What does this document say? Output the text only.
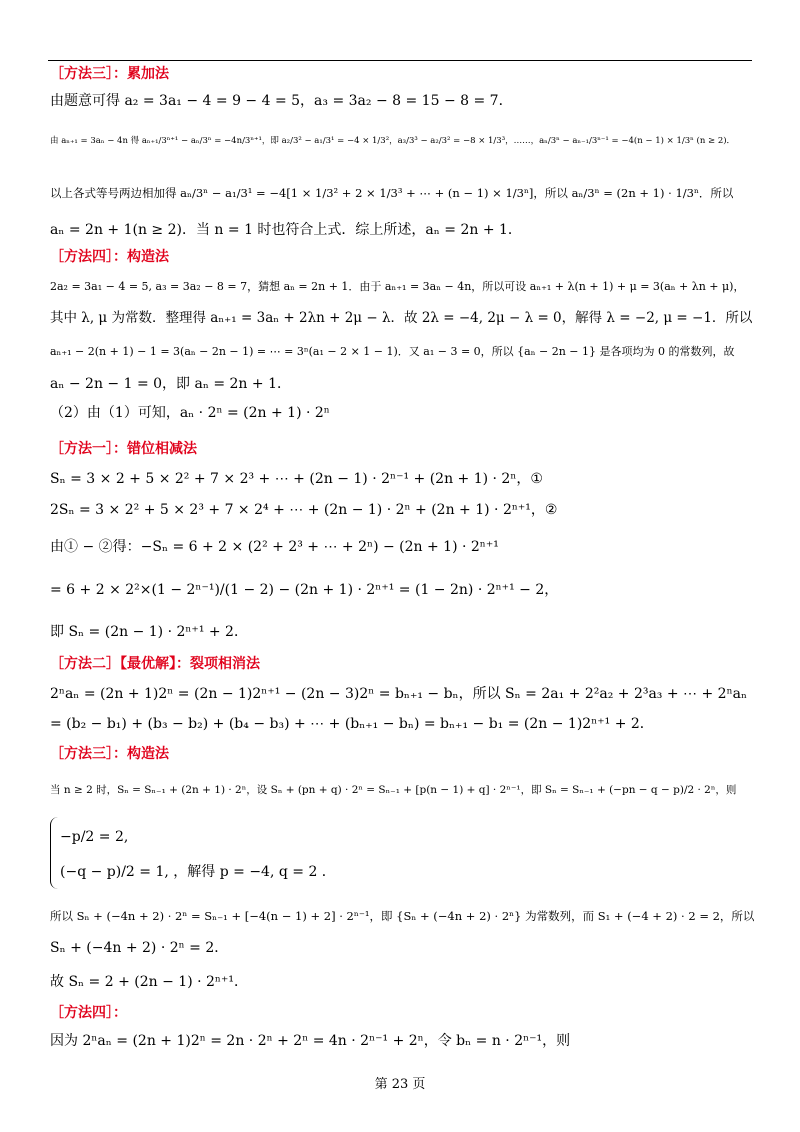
［方法三］：累加法
由题意可得 a₂ = 3a₁ − 4 = 9 − 4 = 5，a₃ = 3a₂ − 8 = 15 − 8 = 7．
由 aₙ₊₁ = 3aₙ − 4n 得 aₙ₊₁/3ⁿ⁺¹ − aₙ/3ⁿ = −4n/3ⁿ⁺¹，即 a₂/3² − a₁/3¹ = −4 × 1/3²，a₃/3³ − a₂/3² = −8 × 1/3³，……，aₙ/3ⁿ − aₙ₋₁/3ⁿ⁻¹ = −4(n − 1) × 1/3ⁿ (n ≥ 2)．
以上各式等号两边相加得 aₙ/3ⁿ − a₁/3¹ = −4[1 × 1/3² + 2 × 1/3³ + ⋯ + (n − 1) × 1/3ⁿ]，所以 aₙ/3ⁿ = (2n + 1) · 1/3ⁿ．所以
aₙ = 2n + 1(n ≥ 2)．当 n = 1 时也符合上式．综上所述，aₙ = 2n + 1．
［方法四］：构造法
2a₂ = 3a₁ − 4 = 5, a₃ = 3a₂ − 8 = 7，猜想 aₙ = 2n + 1．由于 aₙ₊₁ = 3aₙ − 4n，所以可设 aₙ₊₁ + λ(n + 1) + μ = 3(aₙ + λn + μ)，
其中 λ, μ 为常数．整理得 aₙ₊₁ = 3aₙ + 2λn + 2μ − λ．故 2λ = −4, 2μ − λ = 0，解得 λ = −2, μ = −1．所以
aₙ₊₁ − 2(n + 1) − 1 = 3(aₙ − 2n − 1) = ⋯ = 3ⁿ(a₁ − 2 × 1 − 1)．又 a₁ − 3 = 0，所以 {aₙ − 2n − 1} 是各项均为 0 的常数列，故
aₙ − 2n − 1 = 0，即 aₙ = 2n + 1．
（2）由（1）可知，aₙ · 2ⁿ = (2n + 1) · 2ⁿ
［方法一］：错位相减法
Sₙ = 3 × 2 + 5 × 2² + 7 × 2³ + ⋯ + (2n − 1) · 2ⁿ⁻¹ + (2n + 1) · 2ⁿ，①
2Sₙ = 3 × 2² + 5 × 2³ + 7 × 2⁴ + ⋯ + (2n − 1) · 2ⁿ + (2n + 1) · 2ⁿ⁺¹，②
由① − ②得：−Sₙ = 6 + 2 × (2² + 2³ + ⋯ + 2ⁿ) − (2n + 1) · 2ⁿ⁺¹
= 6 + 2 × 2²×(1 − 2ⁿ⁻¹)/(1 − 2) − (2n + 1) · 2ⁿ⁺¹ = (1 − 2n) · 2ⁿ⁺¹ − 2，
即 Sₙ = (2n − 1) · 2ⁿ⁺¹ + 2．
［方法二］【最优解】：裂项相消法
2ⁿaₙ = (2n + 1)2ⁿ = (2n − 1)2ⁿ⁺¹ − (2n − 3)2ⁿ = bₙ₊₁ − bₙ，所以 Sₙ = 2a₁ + 2²a₂ + 2³a₃ + ⋯ + 2ⁿaₙ
= (b₂ − b₁) + (b₃ − b₂) + (b₄ − b₃) + ⋯ + (bₙ₊₁ − bₙ) = bₙ₊₁ − b₁ = (2n − 1)2ⁿ⁺¹ + 2．
［方法三］：构造法
当 n ≥ 2 时，Sₙ = Sₙ₋₁ + (2n + 1) · 2ⁿ，设 Sₙ + (pn + q) · 2ⁿ = Sₙ₋₁ + [p(n − 1) + q] · 2ⁿ⁻¹，即 Sₙ = Sₙ₋₁ + (−pn − q − p)/2 · 2ⁿ，则
−p/2 = 2,
(−q − p)/2 = 1, ，解得 p = −4, q = 2 ．
所以 Sₙ + (−4n + 2) · 2ⁿ = Sₙ₋₁ + [−4(n − 1) + 2] · 2ⁿ⁻¹，即 {Sₙ + (−4n + 2) · 2ⁿ} 为常数列，而 S₁ + (−4 + 2) · 2 = 2，所以
Sₙ + (−4n + 2) · 2ⁿ = 2．
故 Sₙ = 2 + (2n − 1) · 2ⁿ⁺¹．
［方法四］：
因为 2ⁿaₙ = (2n + 1)2ⁿ = 2n · 2ⁿ + 2ⁿ = 4n · 2ⁿ⁻¹ + 2ⁿ，令 bₙ = n · 2ⁿ⁻¹，则
第 23 页
